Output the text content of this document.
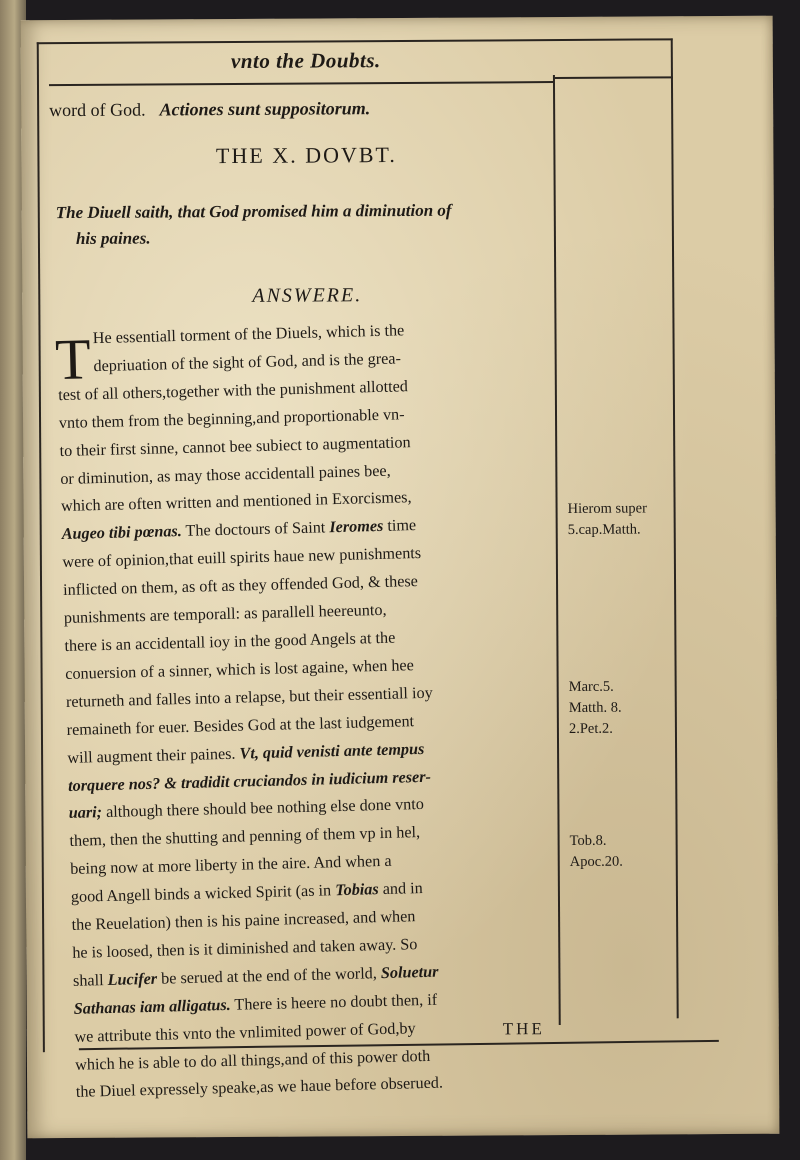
vnto the Doubts.
word of God. Actiones sunt suppositorum.
THE X. DOVBT.
The Diuell saith, that God promised him a diminution of
his paines.
ANSWERE.
T He essentiall torment of the Diuels, which is the
depriuation of the sight of God, and is the grea-
test of all others,together with the punishment allotted
vnto them from the beginning,and proportionable vn-
to their first sinne, cannot bee subiect to augmentation
or diminution, as may those accidentall paines bee,
which are often written and mentioned in Exorcismes,
Augeo tibi pœnas. The doctours of Saint Ieromes time
were of opinion,that euill spirits haue new punishments
inflicted on them, as oft as they offended God, & these
punishments are temporall: as parallell heereunto,
there is an accidentall ioy in the good Angels at the
conuersion of a sinner, which is lost againe, when hee
returneth and falles into a relapse, but their essentiall ioy
remaineth for euer. Besides God at the last iudgement
will augment their paines. Vt, quid venisti ante tempus
torquere nos? & tradidit cruciandos in iudicium reser-
uari; although there should bee nothing else done vnto
them, then the shutting and penning of them vp in hel,
being now at more liberty in the aire. And when a
good Angell binds a wicked Spirit (as in Tobias and in
the Reuelation) then is his paine increased, and when
he is loosed, then is it diminished and taken away. So
shall Lucifer be serued at the end of the world, Soluetur
Sathanas iam alligatus. There is heere no doubt then, if
we attribute this vnto the vnlimited power of God,by
which he is able to do all things,and of this power doth
the Diuel expressely speake,as we haue before obserued.
THE
Hierom super
5.cap.Matth.
Marc.5.
Matth. 8.
2.Pet.2.
Tob.8.
Apoc.20.
